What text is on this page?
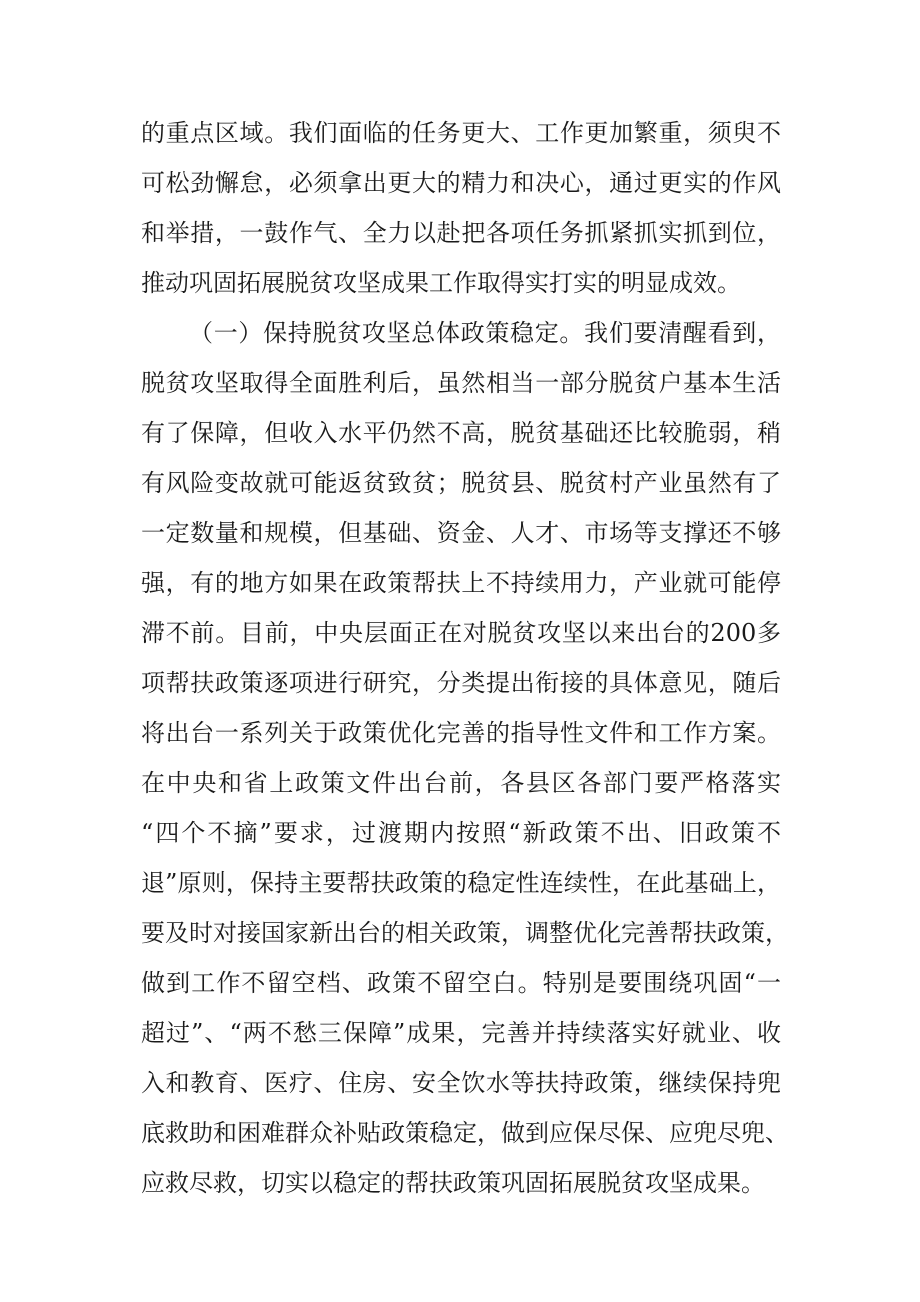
的重点区域。我们面临的任务更大、工作更加繁重，须臾不
可松劲懈怠，必须拿出更大的精力和决心，通过更实的作风
和举措，一鼓作气、全力以赴把各项任务抓紧抓实抓到位，
推动巩固拓展脱贫攻坚成果工作取得实打实的明显成效。
（一）保持脱贫攻坚总体政策稳定。我们要清醒看到，
脱贫攻坚取得全面胜利后，虽然相当一部分脱贫户基本生活
有了保障，但收入水平仍然不高，脱贫基础还比较脆弱，稍
有风险变故就可能返贫致贫；脱贫县、脱贫村产业虽然有了
一定数量和规模，但基础、资金、人才、市场等支撑还不够
强，有的地方如果在政策帮扶上不持续用力，产业就可能停
滞不前。目前，中央层面正在对脱贫攻坚以来出台的200多
项帮扶政策逐项进行研究，分类提出衔接的具体意见，随后
将出台一系列关于政策优化完善的指导性文件和工作方案。
在中央和省上政策文件出台前，各县区各部门要严格落实
“四个不摘”要求，过渡期内按照“新政策不出、旧政策不
退”原则，保持主要帮扶政策的稳定性连续性，在此基础上，
要及时对接国家新出台的相关政策，调整优化完善帮扶政策，
做到工作不留空档、政策不留空白。特别是要围绕巩固“一
超过”、“两不愁三保障”成果，完善并持续落实好就业、收
入和教育、医疗、住房、安全饮水等扶持政策，继续保持兜
底救助和困难群众补贴政策稳定，做到应保尽保、应兜尽兜、
应救尽救，切实以稳定的帮扶政策巩固拓展脱贫攻坚成果。
